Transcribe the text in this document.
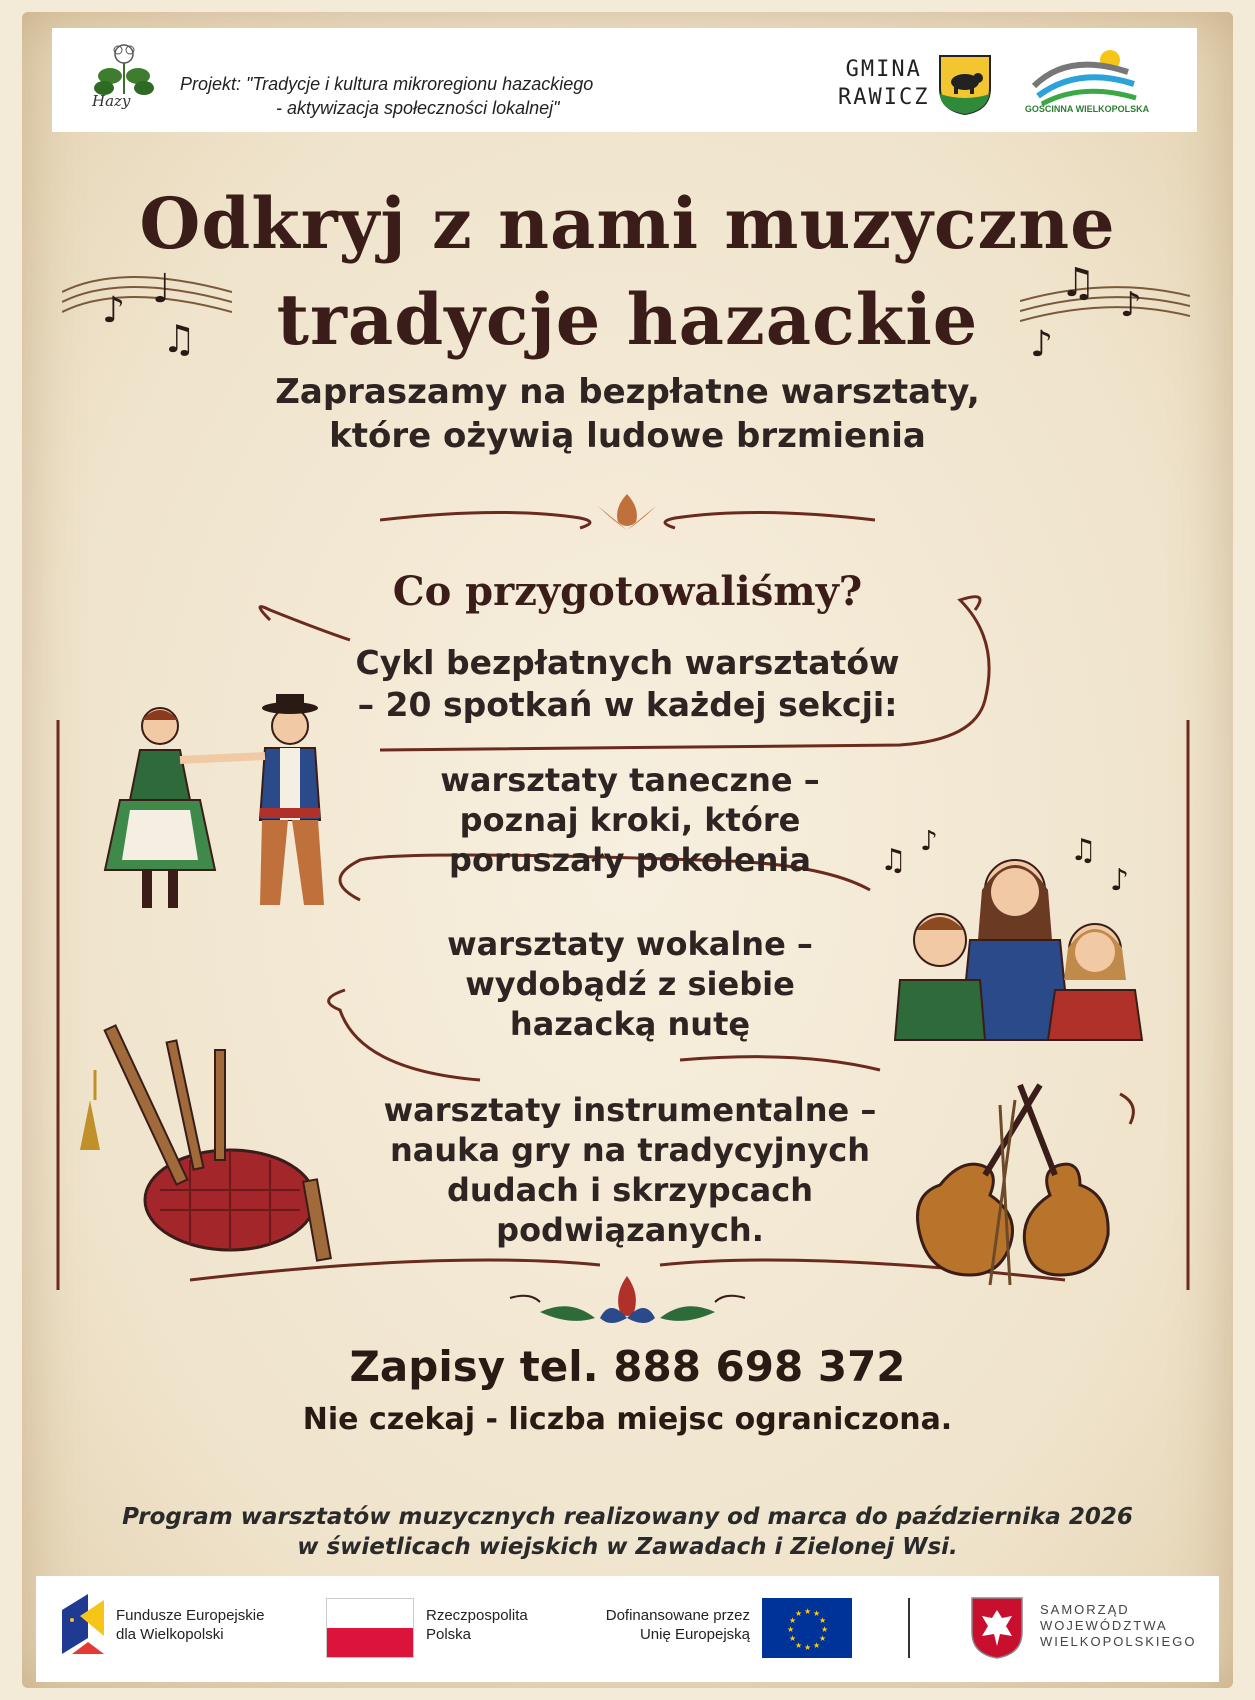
Hazy
Projekt: "Tradycje i kultura mikroregionu hazackiego
- aktywizacja społeczności lokalnej"
GMINA
RAWICZ	GOŚCINNA WIELKOPOLSKA
Odkryj z nami muzyczne
tradycje hazackie
♪ ♩
♫
♫ ♪
♪
Zapraszamy na bezpłatne warsztaty,
które ożywią ludowe brzmienia
Co przygotowaliśmy?
Cykl bezpłatnych warsztatów
– 20 spotkań w każdej sekcji:
warsztaty taneczne –
poznaj kroki, które
poruszały pokolenia
warsztaty wokalne –
wydobądź z siebie
hazacką nutę
warsztaty instrumentalne –
nauka gry na tradycyjnych
dudach i skrzypcach
podwiązanych.
♫
♪
♪
♫
Zapisy tel. 888 698 372
Nie czekaj - liczba miejsc ograniczona.
Program warsztatów muzycznych realizowany od marca do października 2026
w świetlicach wiejskich w Zawadach i Zielonej Wsi.
Fundusze Europejskie
dla Wielkopolski
Rzeczpospolita
Polska
Dofinansowane przez
Unię Europejską
★ ★
★
★
★
★
★
★
★
★
★
★	SAMORZĄD
WOJEWÓDZTWA
WIELKOPOLSKIEGO
